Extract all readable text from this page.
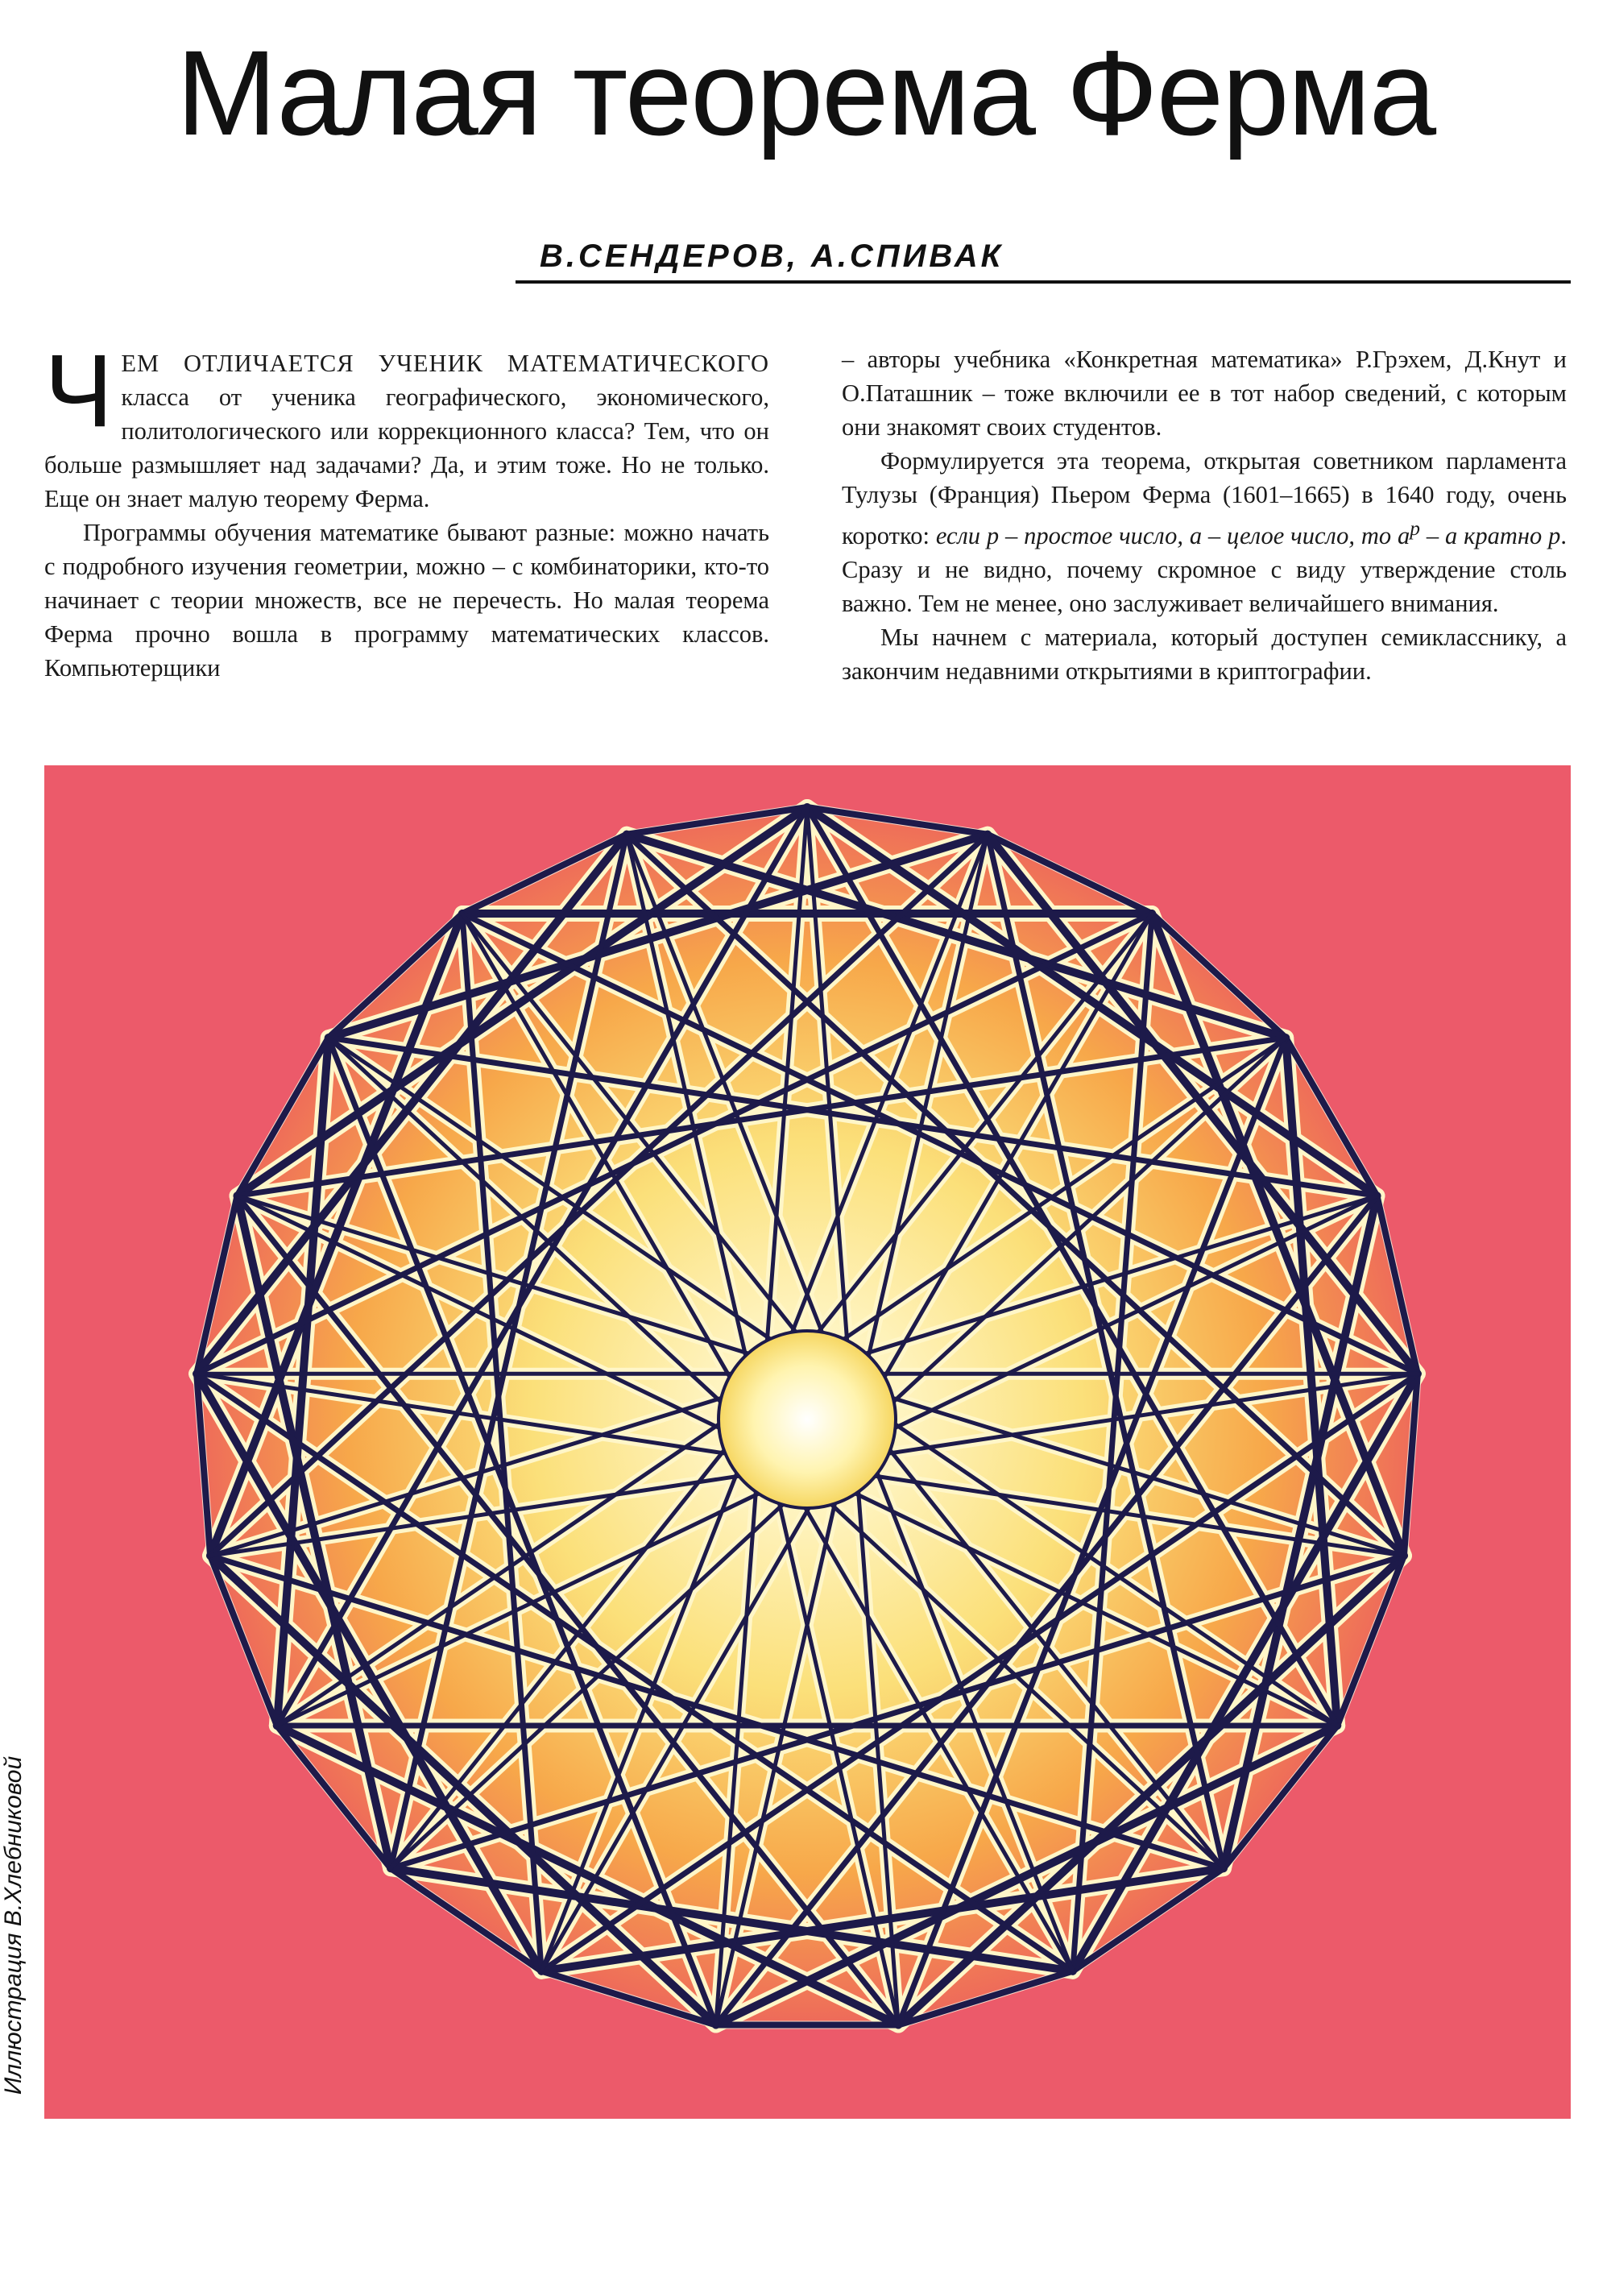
Малая теорема Ферма
В.СЕНДЕРОВ, А.СПИВАК

ЧЕМ ОТЛИЧАЕТСЯ УЧЕНИК МАТЕМАТИЧЕСКОГО класса от ученика географического, экономического, политологического или коррекционного класса? Тем, что он больше размышляет над задачами? Да, и этим тоже. Но не только. Еще он знает малую теорему Ферма.

Программы обучения математике бывают разные: можно начать с подробного изучения геометрии, можно – с комбинаторики, кто-то начинает с теории множеств, все не перечесть. Но малая теорема Ферма прочно вошла в программу математических классов. Компьютерщики

– авторы учебника «Конкретная математика» Р.Грэхем, Д.Кнут и О.Паташник – тоже включили ее в тот набор сведений, с которым они знакомят своих студентов.

Формулируется эта теорема, открытая советником парламента Тулузы (Франция) Пьером Ферма (1601–1665) в 1640 году, очень коротко: если p – простое число, a – целое число, то $a^p$ – a кратно p. Сразу и не видно, почему скромное с виду утверждение столь важно. Тем не менее, оно заслуживает величайшего внимания.

Мы начнем с материала, который доступен семикласснику, а закончим недавними открытиями в криптографии.

Иллюстрация В.Хлебниковой
